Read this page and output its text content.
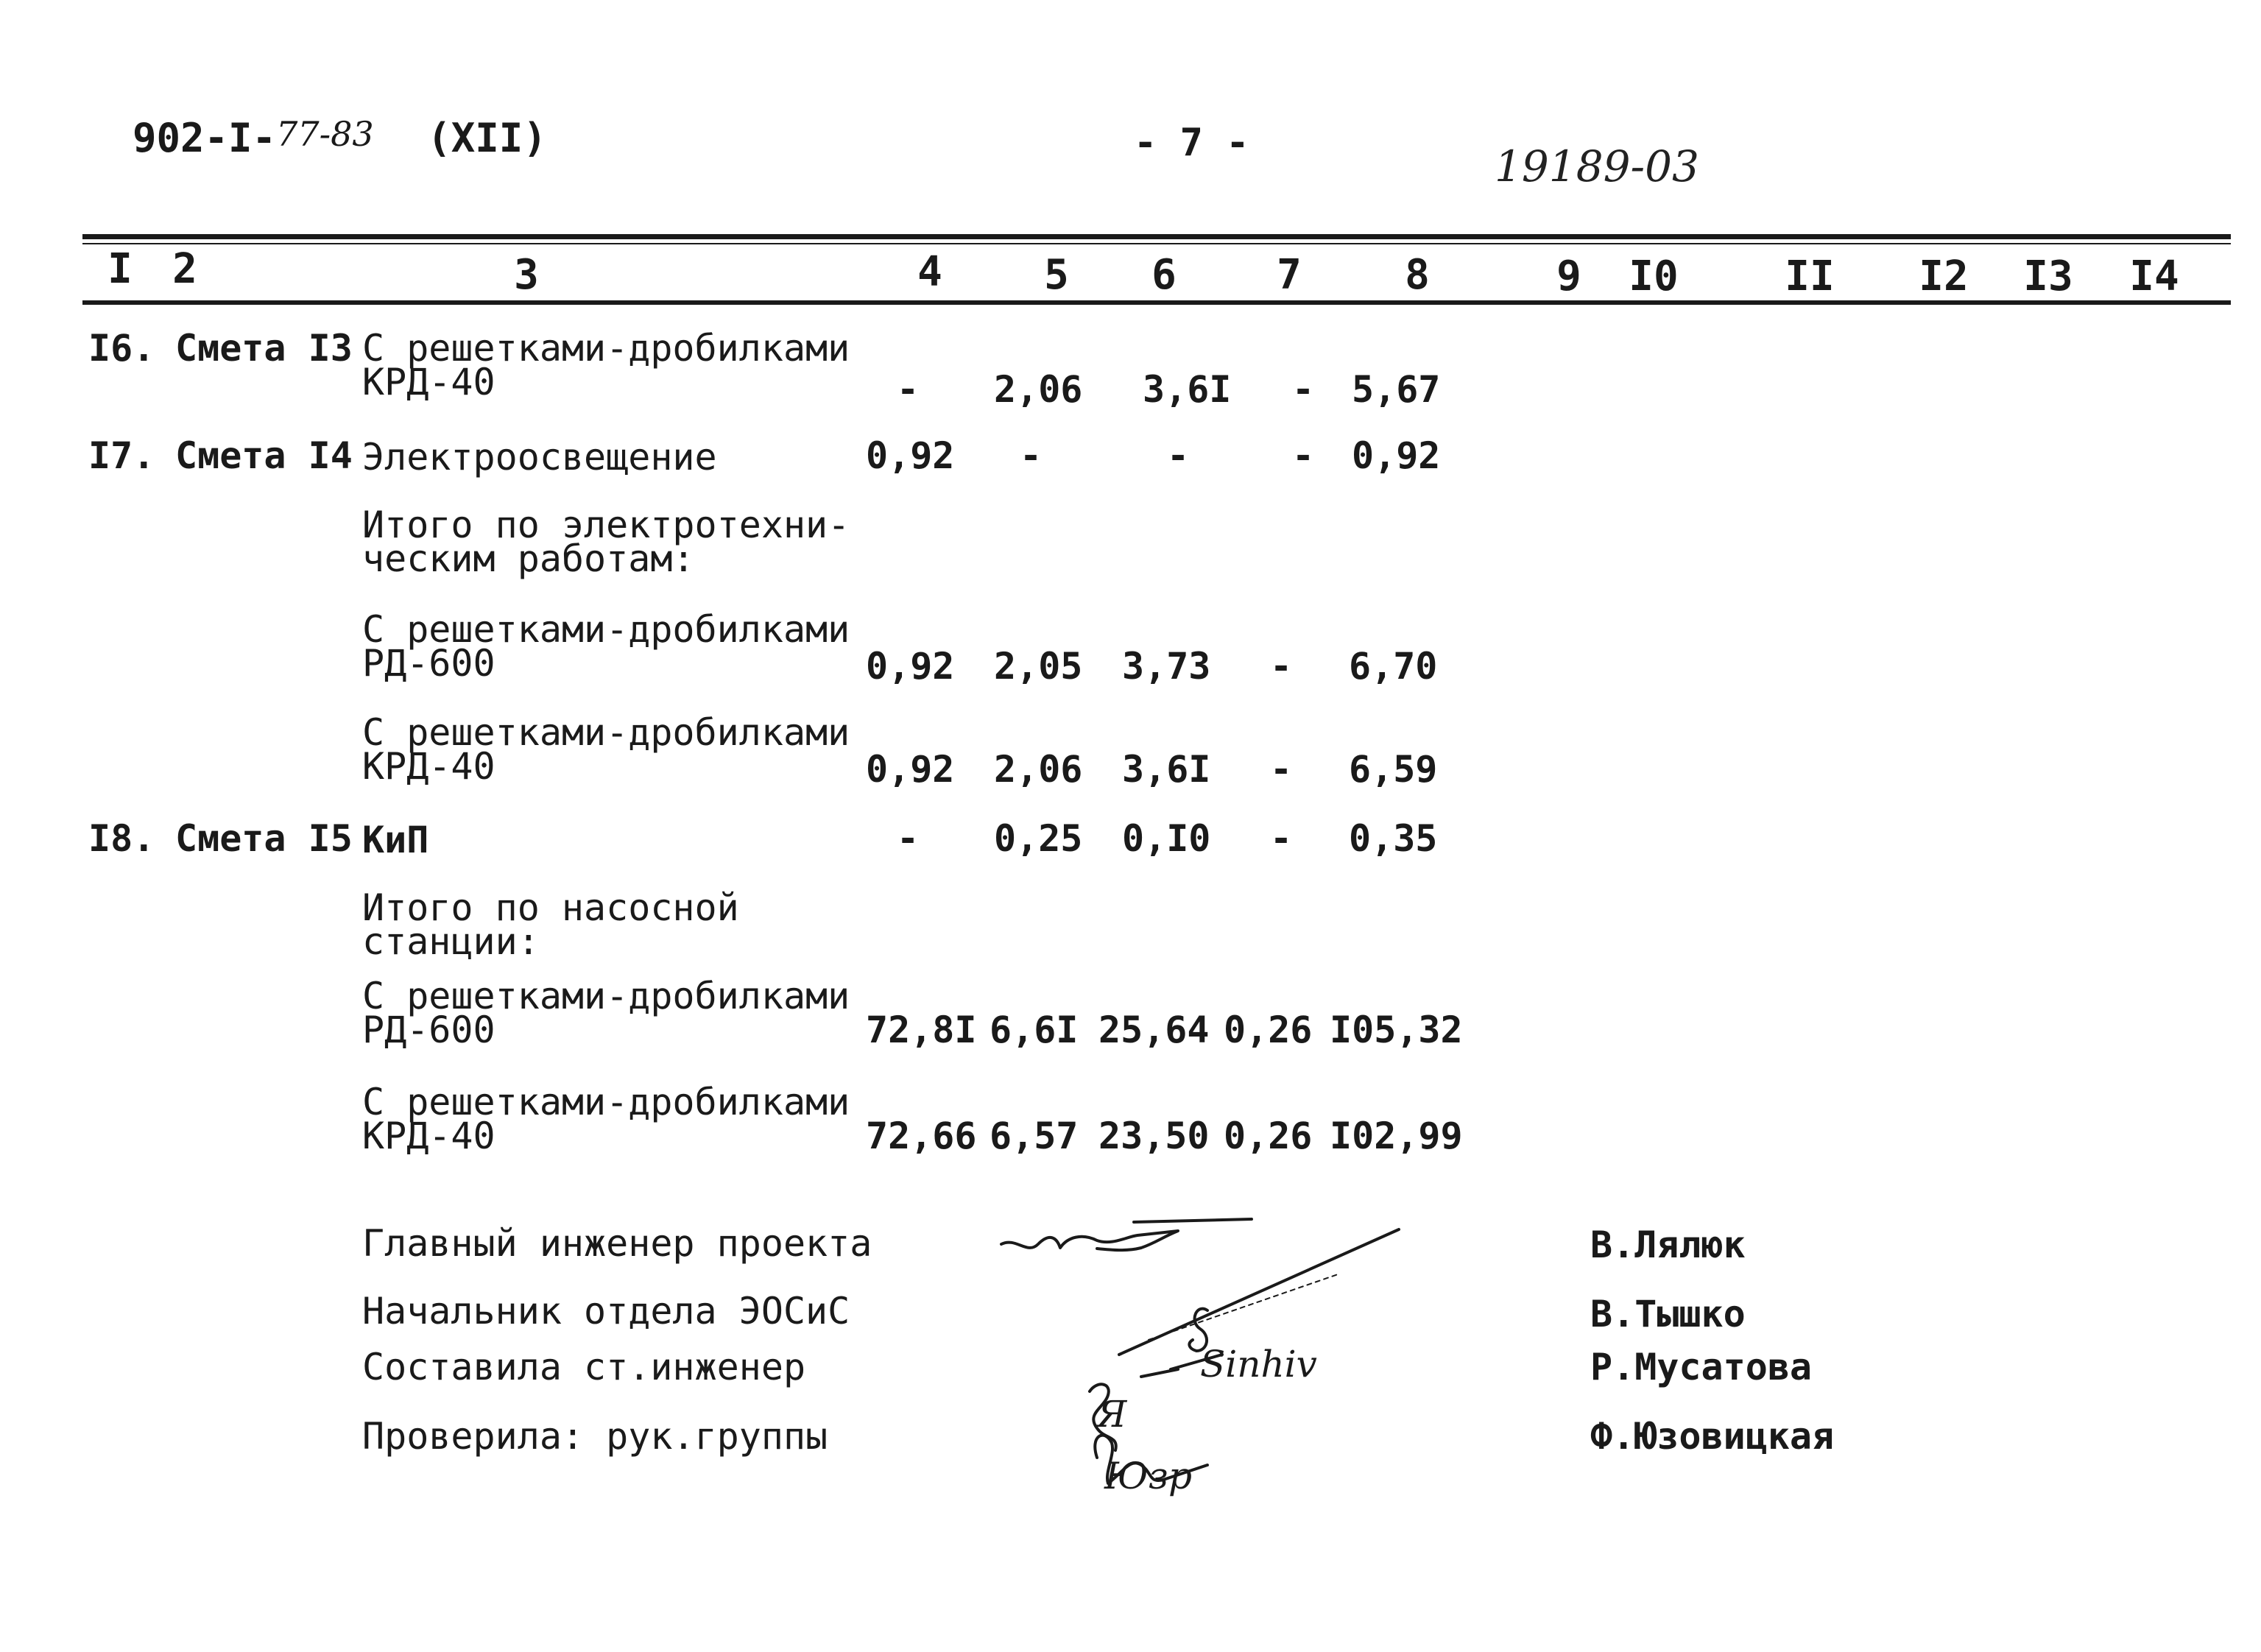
902-I-77-83 (XII)	- 7 -	19189-03
I 2	3	4 5 6 7	8	9 I0	II I2 I3 I4
I6. Смета I3 С решетками-дробилками
КРД-40	-	2,06 3,6I	-	5,67
I7. Смета I4 Электроосвещение	0,92	-	-	-	0,92
Итого по электротехни-
ческим работам:
С решетками-дробилками
РД-600	0,92 2,05 3,73	-	6,70
С решетками-дробилками
КРД-40	0,92 2,06 3,6I	-	6,59
I8. Смета I5 КиП	-	0,25 0,I0	-	0,35
Итого по насосной
станции:
С решетками-дробилками
РД-600	72,8I 6,6I 25,64 0,26 I05,32
С решетками-дробилками
КРД-40	72,66 6,57 23,50 0,26 I02,99
Главный инженер проекта	В.Лялюк
Начальник отдела ЭОСиС	В.Тышко
Составила ст.инженер	Р.Мусатова
Проверила: рук.группы	Ф.Юзовицкая
Sinhiv
Я
Юзр
